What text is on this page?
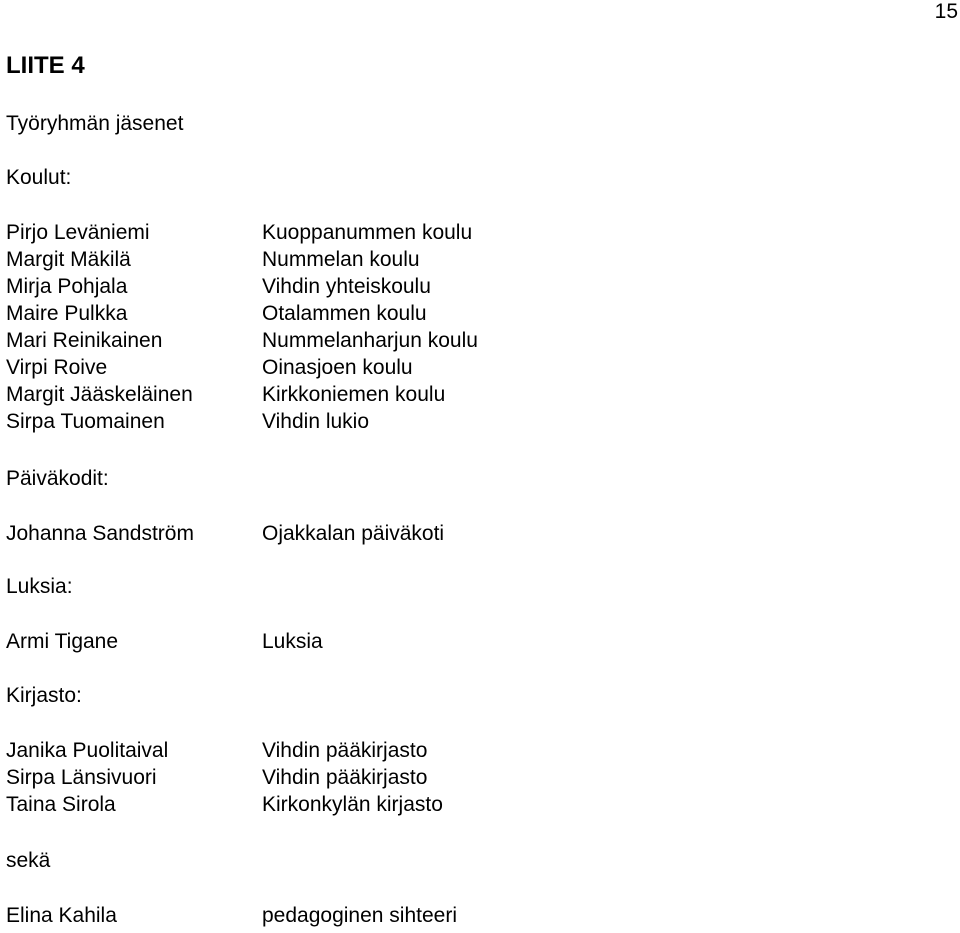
15
LIITE 4
Työryhmän jäsenet
Koulut:
Pirjo Leväniemi	Kuoppanummen koulu
Margit Mäkilä	Nummelan koulu
Mirja Pohjala	Vihdin yhteiskoulu
Maire Pulkka	Otalammen koulu
Mari Reinikainen	Nummelanharjun koulu
Virpi Roive	Oinasjoen koulu
Margit Jääskeläinen	Kirkkoniemen koulu
Sirpa Tuomainen	Vihdin lukio
Päiväkodit:
Johanna Sandström	Ojakkalan päiväkoti
Luksia:
Armi Tigane	Luksia
Kirjasto:
Janika Puolitaival	Vihdin pääkirjasto
Sirpa Länsivuori	Vihdin pääkirjasto
Taina Sirola	Kirkonkylän kirjasto
sekä
Elina Kahila	pedagoginen sihteeri
